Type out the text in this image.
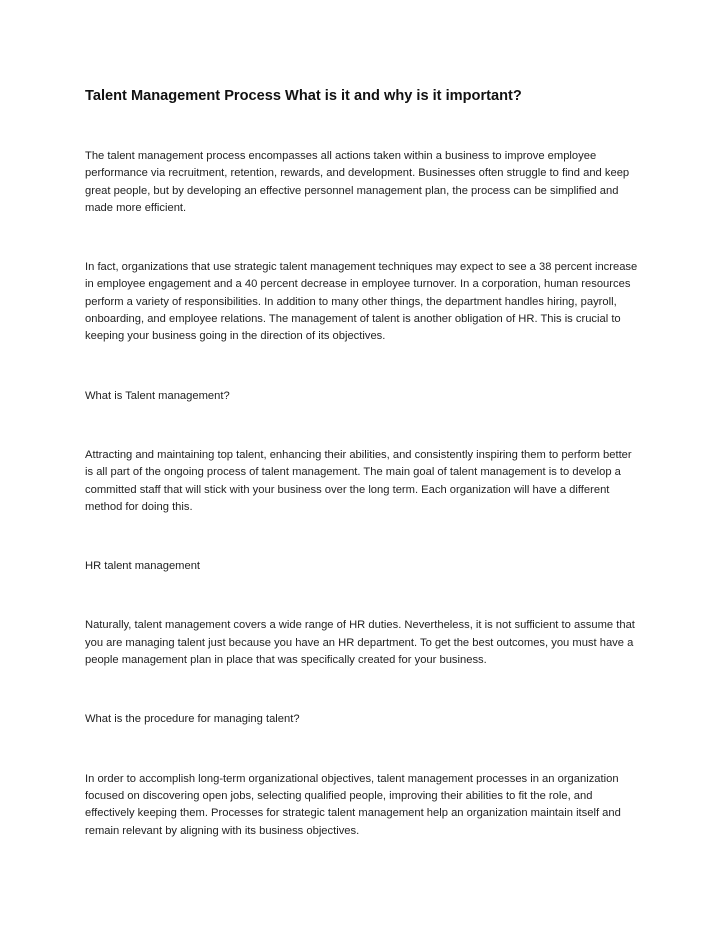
Talent Management Process What is it and why is it important?

The talent management process encompasses all actions taken within a business to improve employee performance via recruitment, retention, rewards, and development. Businesses often struggle to find and keep great people, but by developing an effective personnel management plan, the process can be simplified and made more efficient.

In fact, organizations that use strategic talent management techniques may expect to see a 38 percent increase in employee engagement and a 40 percent decrease in employee turnover. In a corporation, human resources perform a variety of responsibilities. In addition to many other things, the department handles hiring, payroll, onboarding, and employee relations. The management of talent is another obligation of HR. This is crucial to keeping your business going in the direction of its objectives.

What is Talent management?

Attracting and maintaining top talent, enhancing their abilities, and consistently inspiring them to perform better is all part of the ongoing process of talent management. The main goal of talent management is to develop a committed staff that will stick with your business over the long term. Each organization will have a different method for doing this.

HR talent management

Naturally, talent management covers a wide range of HR duties. Nevertheless, it is not sufficient to assume that you are managing talent just because you have an HR department. To get the best outcomes, you must have a people management plan in place that was specifically created for your business.

What is the procedure for managing talent?

In order to accomplish long-term organizational objectives, talent management processes in an organization focused on discovering open jobs, selecting qualified people, improving their abilities to fit the role, and effectively keeping them. Processes for strategic talent management help an organization maintain itself and remain relevant by aligning with its business objectives.
